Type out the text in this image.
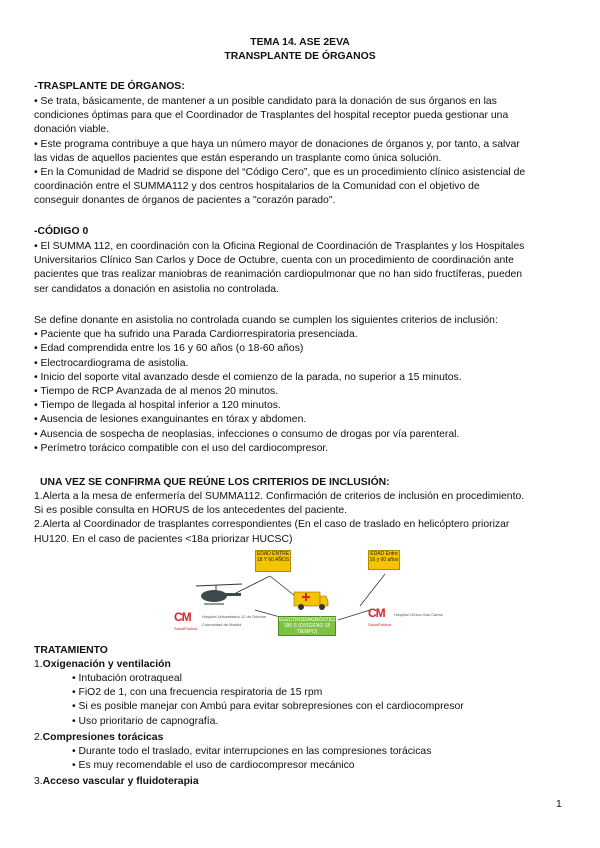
TEMA 14. ASE 2EVA
TRANSPLANTE DE ÓRGANOS
-TRASPLANTE DE ÓRGANOS:
• Se trata, básicamente, de mantener a un posible candidato para la donación de sus órganos en las
condiciones óptimas para que el Coordinador de Trasplantes del hospital receptor pueda gestionar una
donación viable.
• Este programa contribuye a que haya un número mayor de donaciones de órganos y, por tanto, a salvar
las vidas de aquellos pacientes que están esperando un trasplante como única solución.
• En la Comunidad de Madrid se dispone del “Código Cero”, que es un procedimiento clínico asistencial de
coordinación entre el SUMMA112 y dos centros hospitalarios de la Comunidad con el objetivo de
conseguir donantes de órganos de pacientes a "corazón parado".
-CÓDIGO 0
• El SUMMA 112, en coordinación con la Oficina Regional de Coordinación de Trasplantes y los Hospitales
Universitarios Clínico San Carlos y Doce de Octubre, cuenta con un procedimiento de coordinación ante
pacientes que tras realizar maniobras de reanimación cardiopulmonar que no han sido fructíferas, pueden
ser candidatos a donación en asistolia no controlada.
Se define donante en asistolia no controlada cuando se cumplen los siguientes criterios de inclusión:
• Paciente que ha sufrido una Parada Cardiorrespiratoria presenciada.
• Edad comprendida entre los 16 y 60 años (o 18-60 años)
• Electrocardiograma de asistolia.
• Inicio del soporte vital avanzado desde el comienzo de la parada, no superior a 15 minutos.
• Tiempo de RCP Avanzada de al menos 20 minutos.
• Tiempo de llegada al hospital inferior a 120 minutos.
• Ausencia de lesiones exanguinantes en tórax y abdomen.
• Ausencia de sospecha de neoplasias, infecciones o consumo de drogas por vía parenteral.
• Perímetro torácico compatible con el uso del cardiocompresor.
UNA VEZ SE CONFIRMA QUE REÚNE LOS CRITERIOS DE INCLUSIÓN:
1.Alerta a la mesa de enfermería del SUMMA112. Confirmación de criterios de inclusión en procedimiento.
Si es posible consulta en HORUS de los antecedentes del paciente.
2.Alerta al Coordinador de trasplantes correspondientes (En el caso de traslado en helicóptero priorizar
HU120. En el caso de pacientes <18a priorizar HUCSC)
EDAD ENTRE 18 Y 60 AÑOS
EDAD Entre 16 y 60 años
ELECTRODIAGNÓSTICO 180 S (OXÍGENO 18 TIEMPO)
CM
SaludPública
Hospital Universitario 12 de Octubre
Comunidad de Madrid
CM
SaludPública
Hospital Clínico San Carlos
TRATAMIENTO
1.Oxigenación y ventilación
• Intubación orotraqueal
• FiO2 de 1, con una frecuencia respiratoria de 15 rpm
• Si es posible manejar con Ambú para evitar sobrepresiones con el cardiocompresor
• Uso prioritario de capnografía.
2.Compresiones torácicas
• Durante todo el traslado, evitar interrupciones en las compresiones torácicas
• Es muy recomendable el uso de cardiocompresor mecánico
3.Acceso vascular y fluidoterapia
1
